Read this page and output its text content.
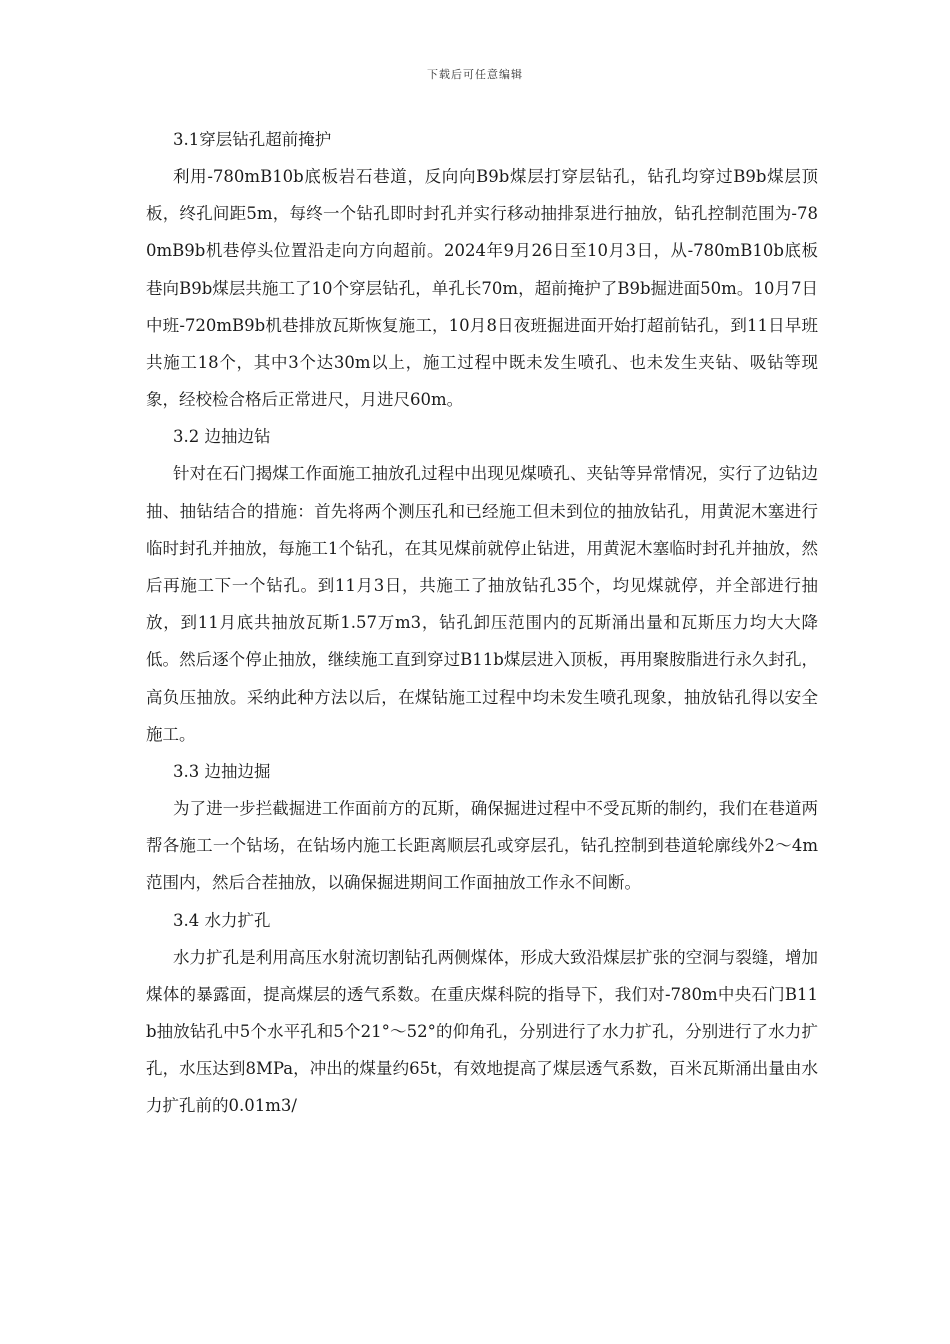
下载后可任意编辑
3.1穿层钻孔超前掩护
利用-780mB10b底板岩石巷道，反向向B9b煤层打穿层钻孔，钻孔均穿过B9b煤层顶板，终孔间距5m，每终一个钻孔即时封孔并实行移动抽排泵进行抽放，钻孔控制范围为-780mB9b机巷停头位置沿走向方向超前。2024年9月26日至10月3日，从-780mB10b底板巷向B9b煤层共施工了10个穿层钻孔，单孔长70m，超前掩护了B9b掘进面50m。10月7日中班-720mB9b机巷排放瓦斯恢复施工，10月8日夜班掘进面开始打超前钻孔，到11日早班共施工18个，其中3个达30m以上，施工过程中既未发生喷孔、也未发生夹钻、吸钻等现象，经校检合格后正常进尺，月进尺60m。
3.2 边抽边钻
针对在石门揭煤工作面施工抽放孔过程中出现见煤喷孔、夹钻等异常情况，实行了边钻边抽、抽钻结合的措施：首先将两个测压孔和已经施工但未到位的抽放钻孔，用黄泥木塞进行临时封孔并抽放，每施工1个钻孔，在其见煤前就停止钻进，用黄泥木塞临时封孔并抽放，然后再施工下一个钻孔。到11月3日，共施工了抽放钻孔35个，均见煤就停，并全部进行抽放，到11月底共抽放瓦斯1.57万m3，钻孔卸压范围内的瓦斯涌出量和瓦斯压力均大大降低。然后逐个停止抽放，继续施工直到穿过B11b煤层进入顶板，再用聚胺脂进行永久封孔，高负压抽放。采纳此种方法以后，在煤钻施工过程中均未发生喷孔现象，抽放钻孔得以安全施工。
3.3 边抽边掘
为了进一步拦截掘进工作面前方的瓦斯，确保掘进过程中不受瓦斯的制约，我们在巷道两帮各施工一个钻场，在钻场内施工长距离顺层孔或穿层孔，钻孔控制到巷道轮廓线外2～4m范围内，然后合茬抽放，以确保掘进期间工作面抽放工作永不间断。
3.4 水力扩孔
水力扩孔是利用高压水射流切割钻孔两侧煤体，形成大致沿煤层扩张的空洞与裂缝，增加煤体的暴露面，提高煤层的透气系数。在重庆煤科院的指导下，我们对-780m中央石门B11b抽放钻孔中5个水平孔和5个21°～52°的仰角孔，分别进行了水力扩孔，分别进行了水力扩孔，水压达到8MPa，冲出的煤量约65t，有效地提高了煤层透气系数，百米瓦斯涌出量由水力扩孔前的0.01m3/
